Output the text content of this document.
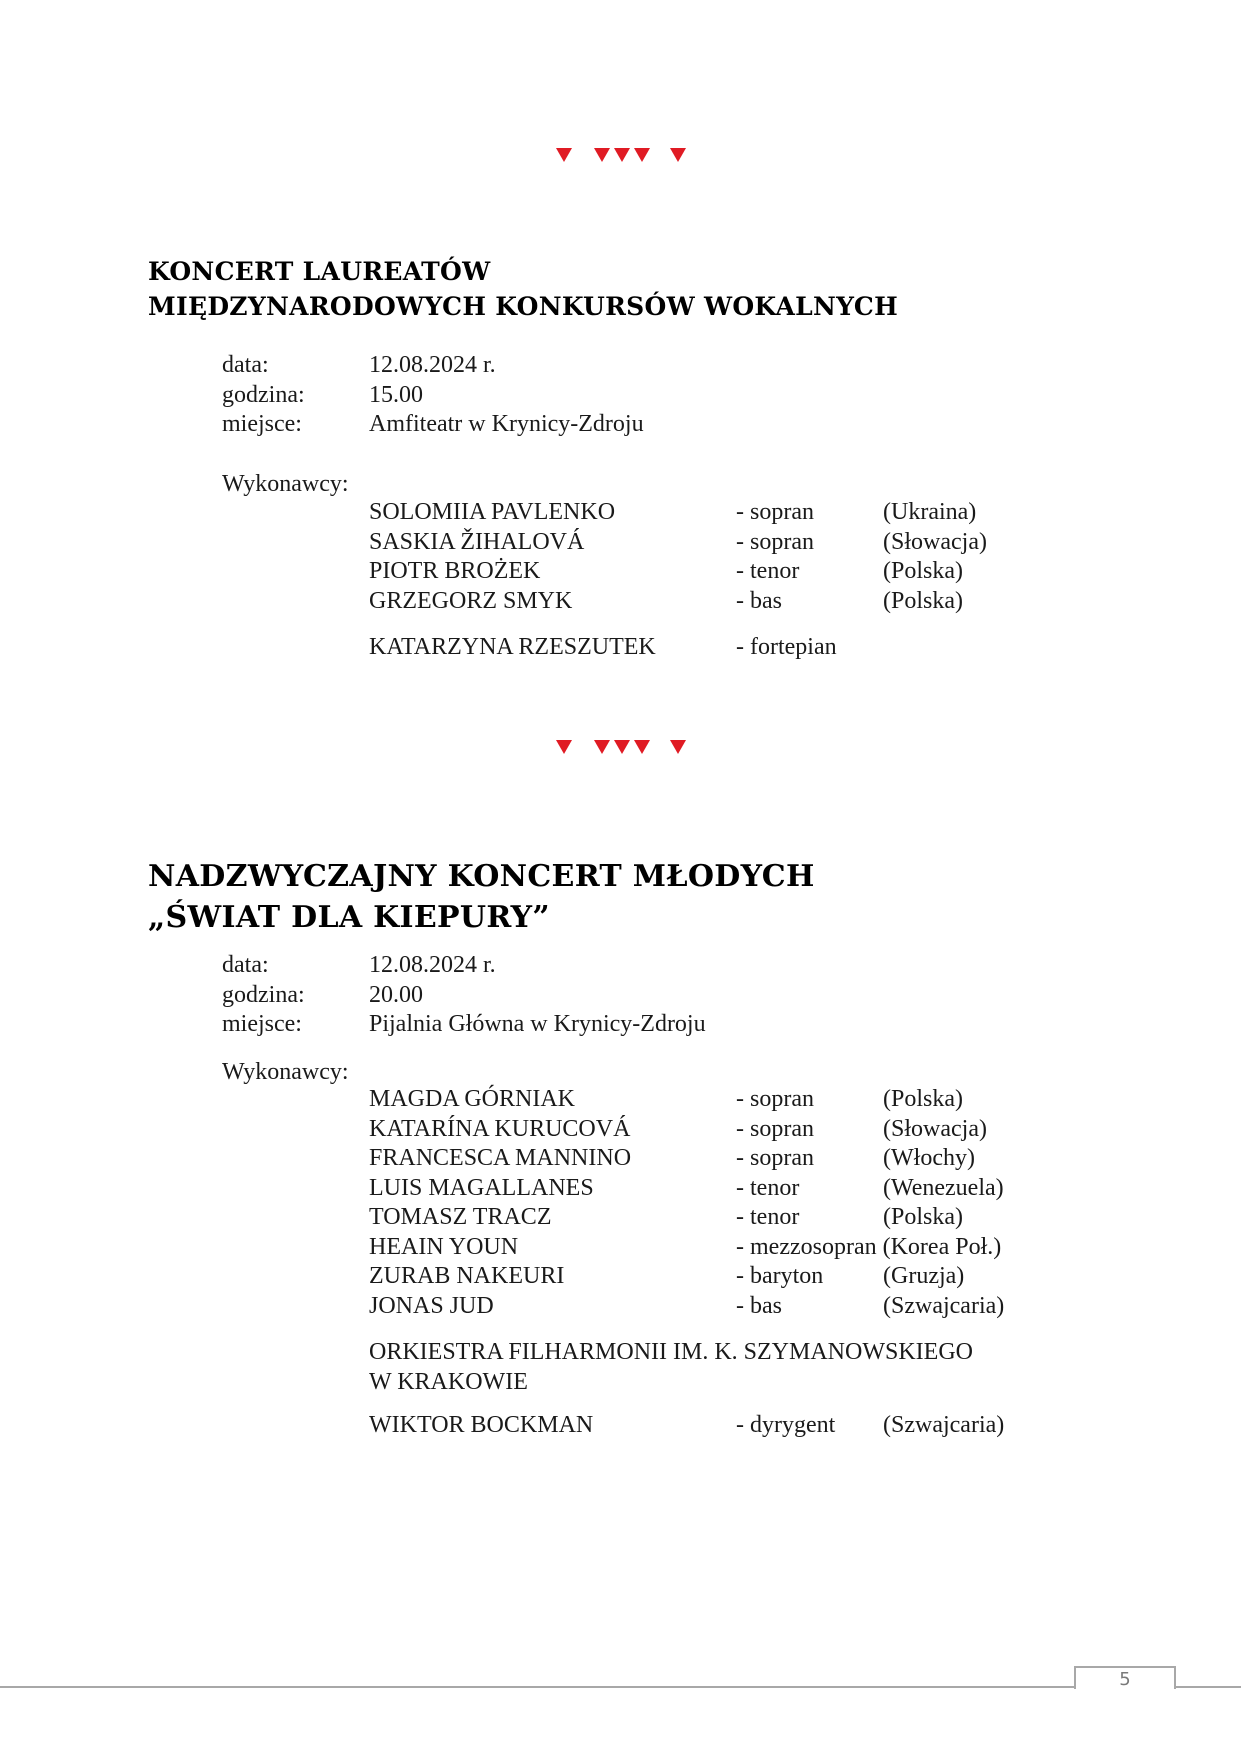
KONCERT LAUREATÓW
MIĘDZYNARODOWYCH KONKURSÓW WOKALNYCH
data:	12.08.2024 r.
godzina:	15.00
miejsce:	Amfiteatr w Krynicy-Zdroju
Wykonawcy:
SOLOMIIA PAVLENKO	- sopran	(Ukraina)
SASKIA ŽIHALOVÁ	- sopran	(Słowacja)
PIOTR BROŻEK	- tenor	(Polska)
GRZEGORZ SMYK	- bas	(Polska)
KATARZYNA RZESZUTEK	- fortepian
NADZWYCZAJNY KONCERT MŁODYCH
„ŚWIAT DLA KIEPURY”
data:	12.08.2024 r.
godzina:	20.00
miejsce:	Pijalnia Główna w Krynicy-Zdroju
Wykonawcy:
MAGDA GÓRNIAK	- sopran	(Polska)
KATARÍNA KURUCOVÁ	- sopran	(Słowacja)
FRANCESCA MANNINO	- sopran	(Włochy)
LUIS MAGALLANES	- tenor	(Wenezuela)
TOMASZ TRACZ	- tenor	(Polska)
HEAIN YOUN	- mezzosopran (Korea Poł.)
ZURAB NAKEURI	- baryton	(Gruzja)
JONAS JUD	- bas	(Szwajcaria)
ORKIESTRA FILHARMONII IM. K. SZYMANOWSKIEGO
W KRAKOWIE
WIKTOR BOCKMAN	- dyrygent	(Szwajcaria)
5
